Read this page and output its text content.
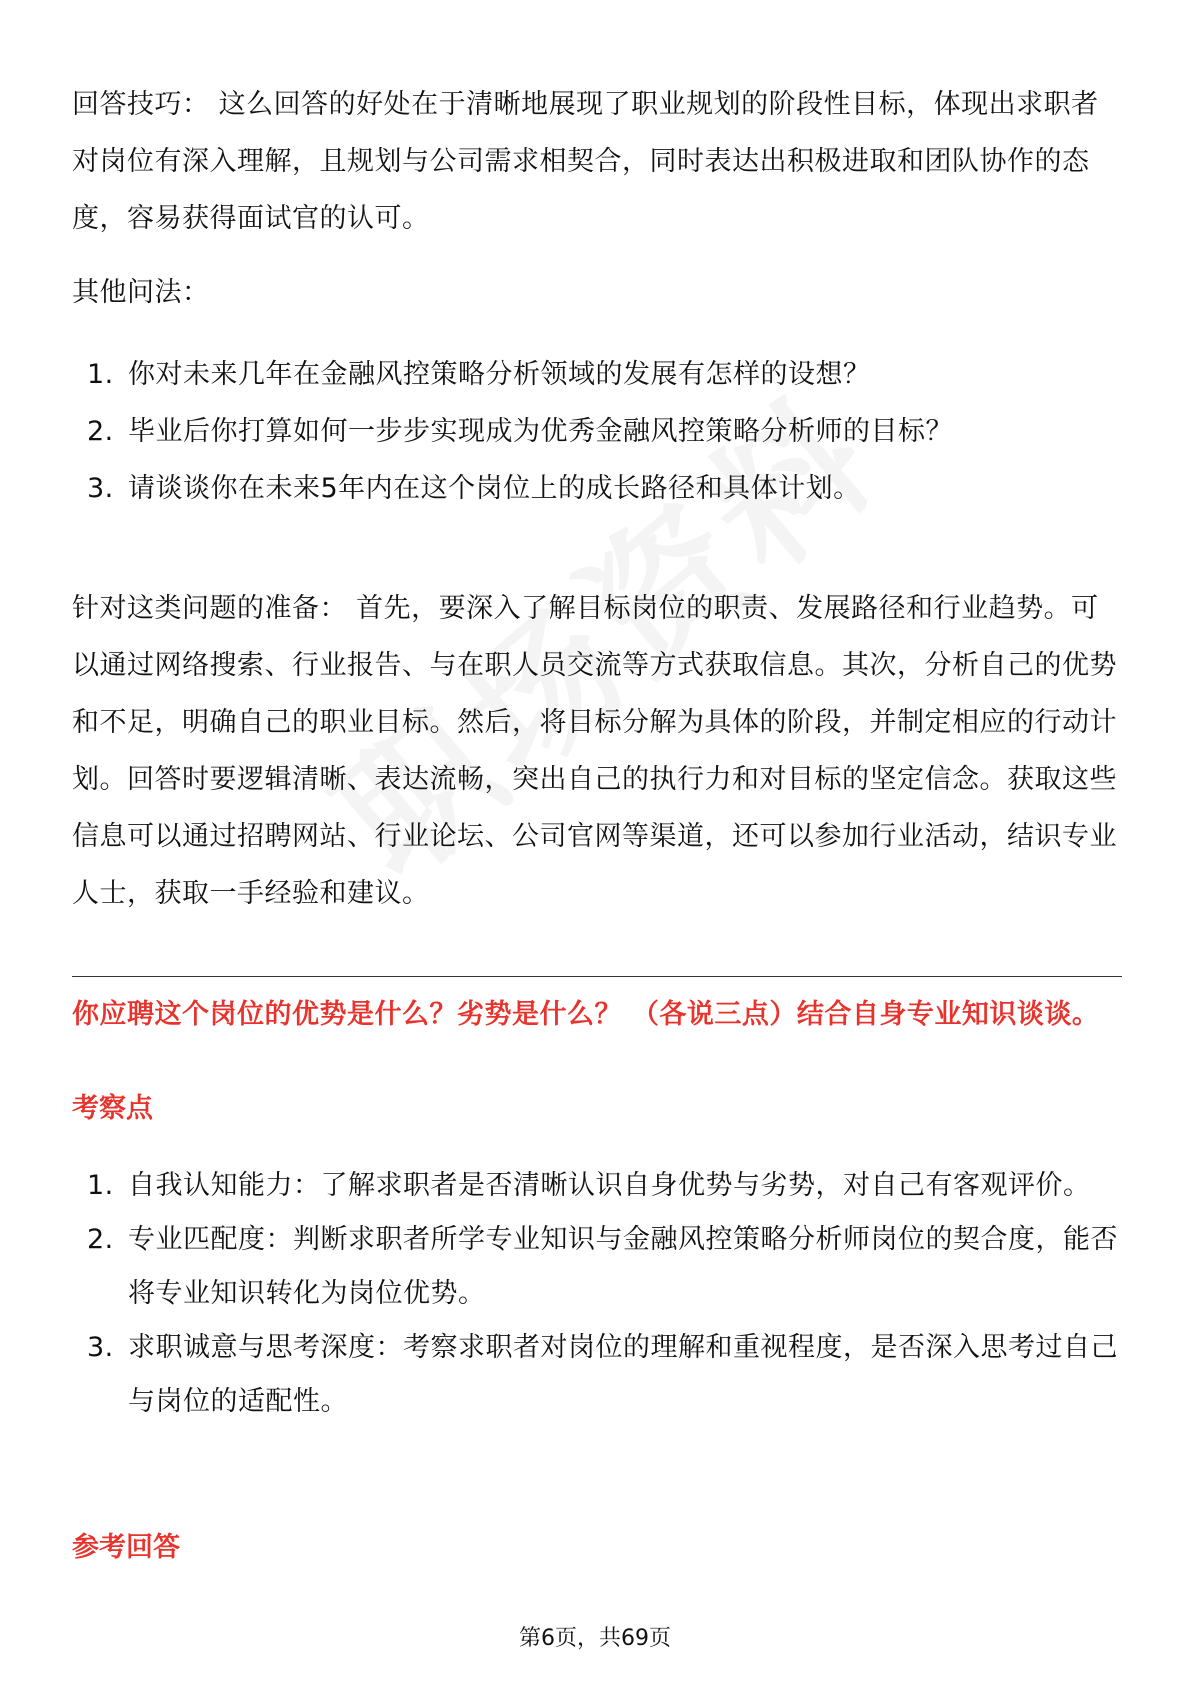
回答技巧： 这么回答的好处在于清晰地展现了职业规划的阶段性目标，体现出求职者对岗位有深入理解，且规划与公司需求相契合，同时表达出积极进取和团队协作的态度，容易获得面试官的认可。

其他问法：

1. 你对未来几年在金融风控策略分析领域的发展有怎样的设想？
2. 毕业后你打算如何一步步实现成为优秀金融风控策略分析师的目标？
3. 请谈谈你在未来5年内在这个岗位上的成长路径和具体计划。

针对这类问题的准备： 首先，要深入了解目标岗位的职责、发展路径和行业趋势。可以通过网络搜索、行业报告、与在职人员交流等方式获取信息。其次，分析自己的优势和不足，明确自己的职业目标。然后，将目标分解为具体的阶段，并制定相应的行动计划。回答时要逻辑清晰、表达流畅，突出自己的执行力和对目标的坚定信念。获取这些信息可以通过招聘网站、行业论坛、公司官网等渠道，还可以参加行业活动，结识专业人士，获取一手经验和建议。

你应聘这个岗位的优势是什么？劣势是什么？ （各说三点）结合自身专业知识谈谈。

考察点

1. 自我认知能力：了解求职者是否清晰认识自身优势与劣势，对自己有客观评价。
2. 专业匹配度：判断求职者所学专业知识与金融风控策略分析师岗位的契合度，能否将专业知识转化为岗位优势。
3. 求职诚意与思考深度：考察求职者对岗位的理解和重视程度，是否深入思考过自己与岗位的适配性。

参考回答

第6页，共69页
